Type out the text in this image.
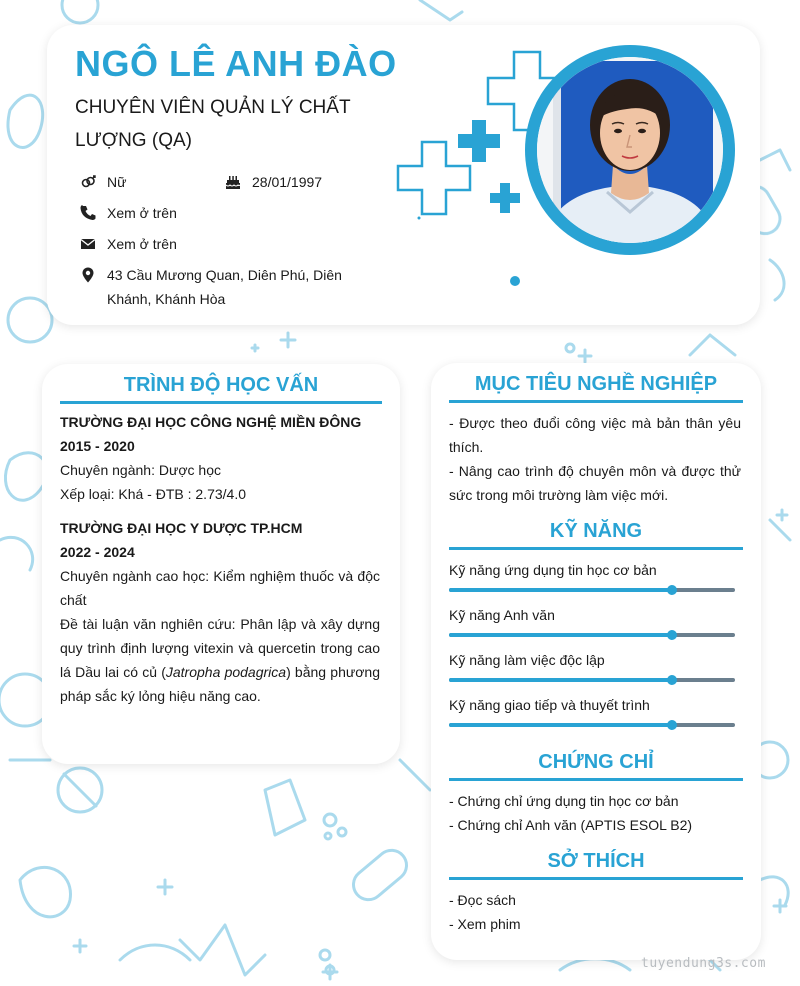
NGÔ LÊ ANH ĐÀO
CHUYÊN VIÊN QUẢN LÝ CHẤT LƯỢNG (QA)
Nữ	28/01/1997
Xem ở trên
Xem ở trên
43 Cầu Mương Quan, Diên Phú, Diên Khánh, Khánh Hòa
TRÌNH ĐỘ HỌC VẤN
TRƯỜNG ĐẠI HỌC CÔNG NGHỆ MIỀN ĐÔNG
2015 - 2020
Chuyên ngành: Dược học
Xếp loại: Khá - ĐTB : 2.73/4.0
TRƯỜNG ĐẠI HỌC Y DƯỢC TP.HCM
2022 - 2024

Chuyên ngành cao học: Kiểm nghiệm thuốc và độc chất

Đề tài luận văn nghiên cứu: Phân lập và xây dựng quy trình định lượng vitexin và quercetin trong cao lá Dầu lai có củ (Jatropha podagrica) bằng phương pháp sắc ký lỏng hiệu năng cao.

MỤC TIÊU NGHỀ NGHIỆP

- Được theo đuổi công việc mà bản thân yêu thích.

- Nâng cao trình độ chuyên môn và được thử sức trong môi trường làm việc mới.

KỸ NĂNG
Kỹ năng ứng dụng tin học cơ bản
Kỹ năng Anh văn
Kỹ năng làm việc độc lập
Kỹ năng giao tiếp và thuyết trình
CHỨNG CHỈ
- Chứng chỉ ứng dụng tin học cơ bản
- Chứng chỉ Anh văn (APTIS ESOL B2)
SỞ THÍCH
- Đọc sách
- Xem phim
tuyendung3s.com
